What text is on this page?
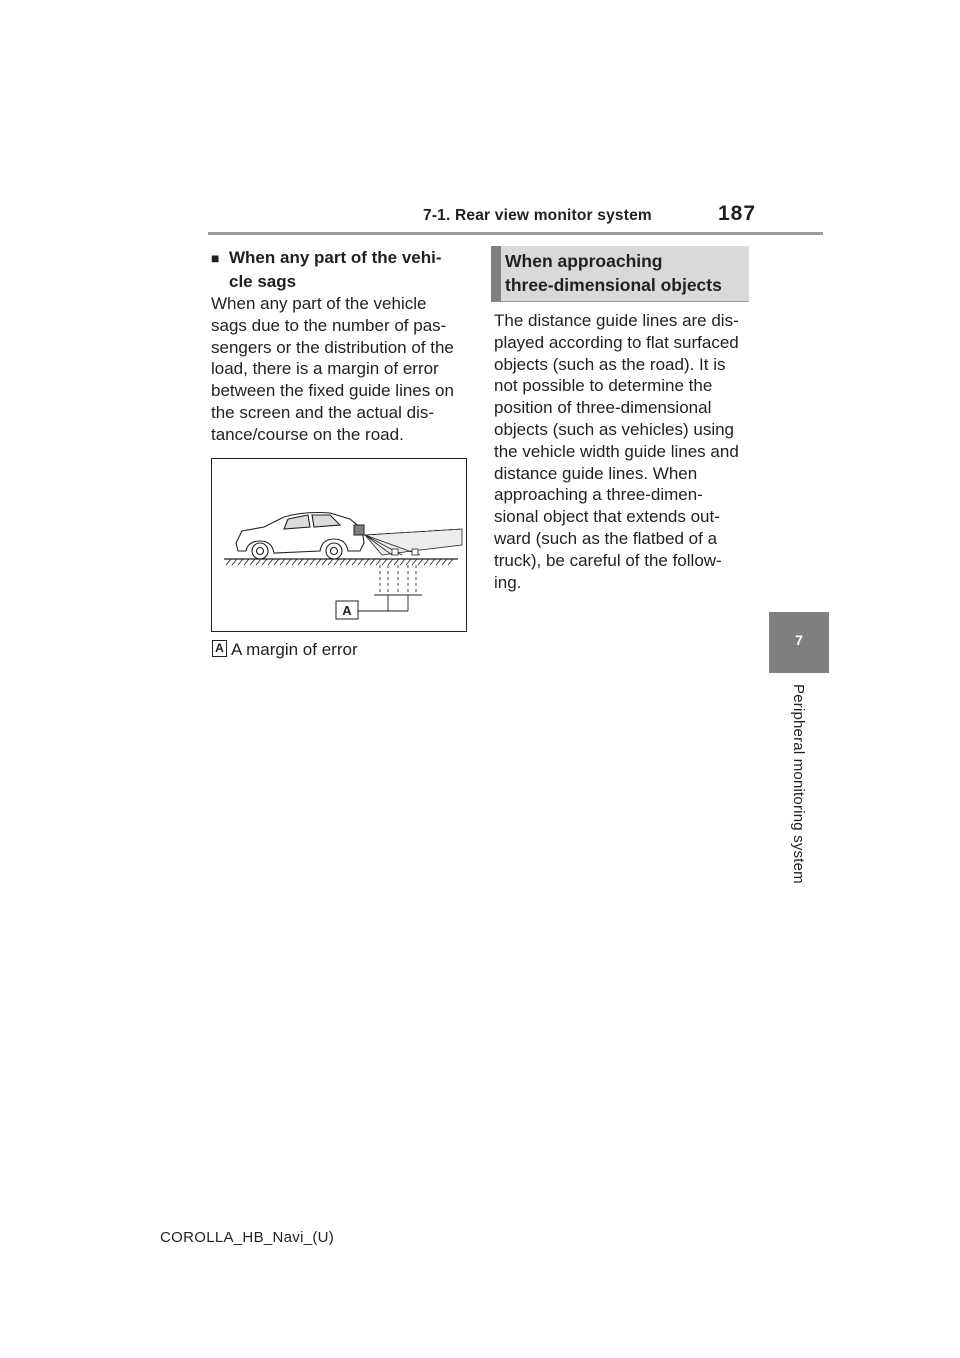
7-1. Rear view monitor system	187
7
Peripheral monitoring system
■ When any part of the vehi-
cle sags
When any part of the vehicle
sags due to the number of pas-
sengers or the distribution of the
load, there is a margin of error
between the fixed guide lines on
the screen and the actual dis-
tance/course on the road.
A
A A margin of error
When approaching
three-dimensional objects
The distance guide lines are dis-
played according to flat surfaced
objects (such as the road). It is
not possible to determine the
position of three-dimensional
objects (such as vehicles) using
the vehicle width guide lines and
distance guide lines. When
approaching a three-dimen-
sional object that extends out-
ward (such as the flatbed of a
truck), be careful of the follow-
ing.
COROLLA_HB_Navi_(U)
